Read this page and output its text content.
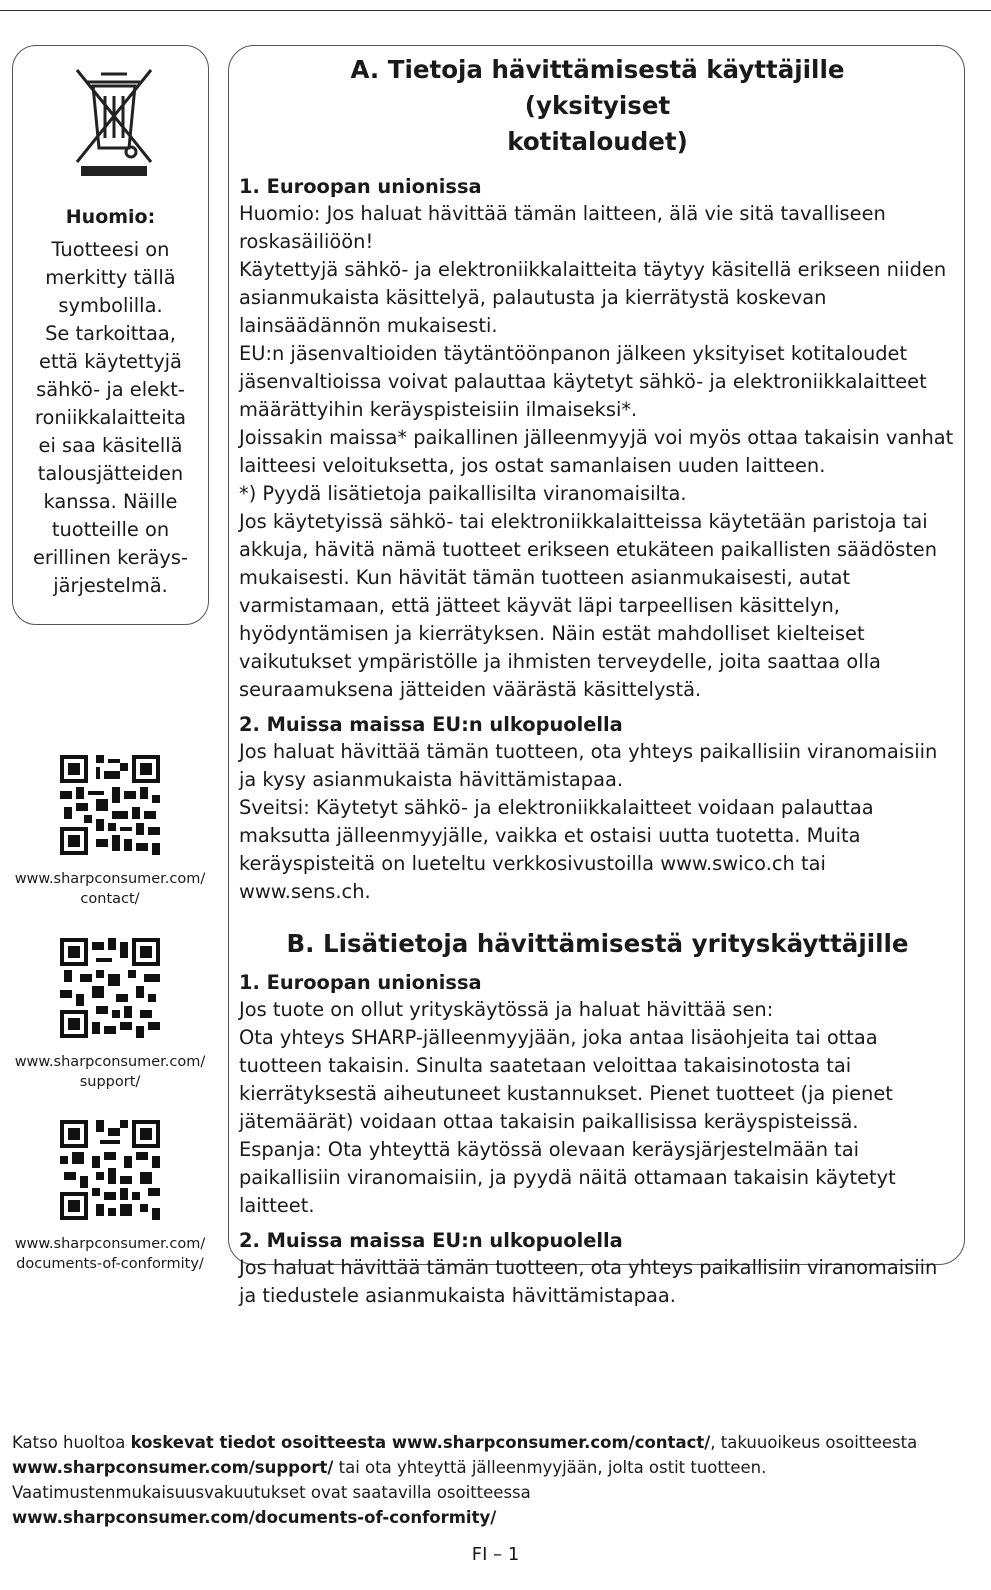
Huomio:
Tuotteesi on
merkitty tällä
symbolilla.
Se tarkoittaa,
että käytettyjä
sähkö- ja elekt-
roniikkalaitteita
ei saa käsitellä
talousjätteiden
kanssa. Näille
tuotteille on
erillinen keräys-
järjestelmä.
www.sharpconsumer.com/
contact/
www.sharpconsumer.com/
support/
www.sharpconsumer.com/
documents-of-conformity/
A. Tietoja hävittämisestä käyttäjille (yksityiset
kotitaloudet)
1. Euroopan unionissa
Huomio: Jos haluat hävittää tämän laitteen, älä vie sitä tavalliseen roskasäiliöön!
Käytettyjä sähkö- ja elektroniikkalaitteita täytyy käsitellä erikseen niiden asianmukaista käsittelyä, palautusta ja kierrätystä koskevan lainsäädännön mukaisesti.
EU:n jäsenvaltioiden täytäntöönpanon jälkeen yksityiset kotitaloudet jäsenvaltioissa voivat palauttaa käytetyt sähkö- ja elektroniikkalaitteet määrättyihin keräyspisteisiin ilmaiseksi*.
Joissakin maissa* paikallinen jälleenmyyjä voi myös ottaa takaisin vanhat laitteesi veloituksetta, jos ostat samanlaisen uuden laitteen.
*) Pyydä lisätietoja paikallisilta viranomaisilta.
Jos käytetyissä sähkö- tai elektroniikkalaitteissa käytetään paristoja tai akkuja, hävitä nämä tuotteet erikseen etukäteen paikallisten säädösten mukaisesti. Kun hävität tämän tuotteen asianmukaisesti, autat varmistamaan, että jätteet käyvät läpi tarpeellisen käsittelyn, hyödyntämisen ja kierrätyksen. Näin estät mahdolliset kielteiset vaikutukset ympäristölle ja ihmisten terveydelle, joita saattaa olla seuraamuksena jätteiden väärästä käsittelystä.
2. Muissa maissa EU:n ulkopuolella
Jos haluat hävittää tämän tuotteen, ota yhteys paikallisiin viranomaisiin ja kysy asianmukaista hävittämistapaa.
Sveitsi: Käytetyt sähkö- ja elektroniikkalaitteet voidaan palauttaa maksutta jälleenmyyjälle, vaikka et ostaisi uutta tuotetta. Muita keräyspisteitä on lueteltu verkkosivustoilla www.swico.ch tai www.sens.ch.
B. Lisätietoja hävittämisestä yrityskäyttäjille
1. Euroopan unionissa
Jos tuote on ollut yrityskäytössä ja haluat hävittää sen:
Ota yhteys SHARP-jälleenmyyjään, joka antaa lisäohjeita tai ottaa tuotteen takaisin. Sinulta saatetaan veloittaa takaisinotosta tai kierrätyksestä aiheutuneet kustannukset. Pienet tuotteet (ja pienet jätemäärät) voidaan ottaa takaisin paikallisissa keräyspisteissä.
Espanja: Ota yhteyttä käytössä olevaan keräysjärjestelmään tai paikallisiin viranomaisiin, ja pyydä näitä ottamaan takaisin käytetyt laitteet.
2. Muissa maissa EU:n ulkopuolella
Jos haluat hävittää tämän tuotteen, ota yhteys paikallisiin viranomaisiin ja tiedustele asianmukaista hävittämistapaa.
Katso huoltoa koskevat tiedot osoitteesta www.sharpconsumer.com/contact/, takuuoikeus osoitteesta
www.sharpconsumer.com/support/ tai ota yhteyttä jälleenmyyjään, jolta ostit tuotteen.
Vaatimustenmukaisuusvakuutukset ovat saatavilla osoitteessa
www.sharpconsumer.com/documents-of-conformity/
FI – 1
